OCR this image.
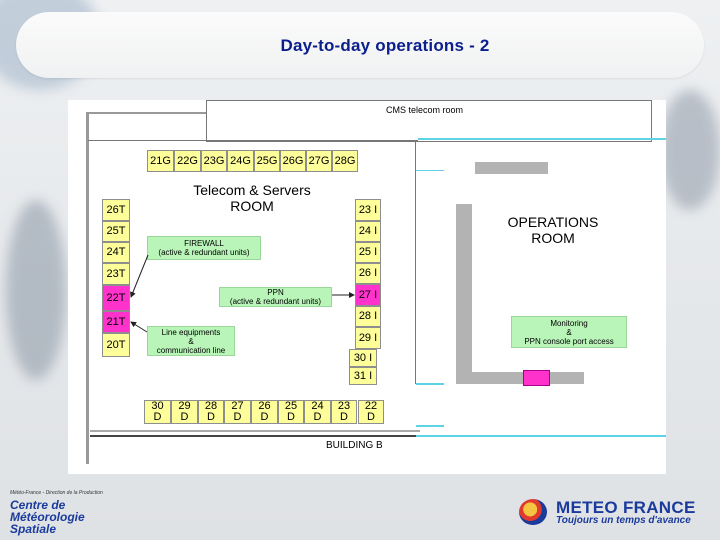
Day-to-day operations - 2
CMS telecom room
21G 22G 23G 24G 25G 26G 27G 28G
Telecom & Servers
ROOM
26T
25T
24T
23T
22T
21T
20T
23 I
24 I
25 I
26 I
27 I
28 I
29 I
30 I
31 I
FIREWALL
(active & redundant units)
PPN
(active & redundant units)
Line equipments
&
communication line
OPERATIONS
ROOM
Monitoring
&
PPN console port access
30
D
29
D
28
D
27
D
26
D
25
D
24
D
23
D
22
D
BUILDING B
Météo-France - Direction de la Production
Centre de
Météorologie
Spatiale
METEO FRANCE
Toujours un temps d'avance
